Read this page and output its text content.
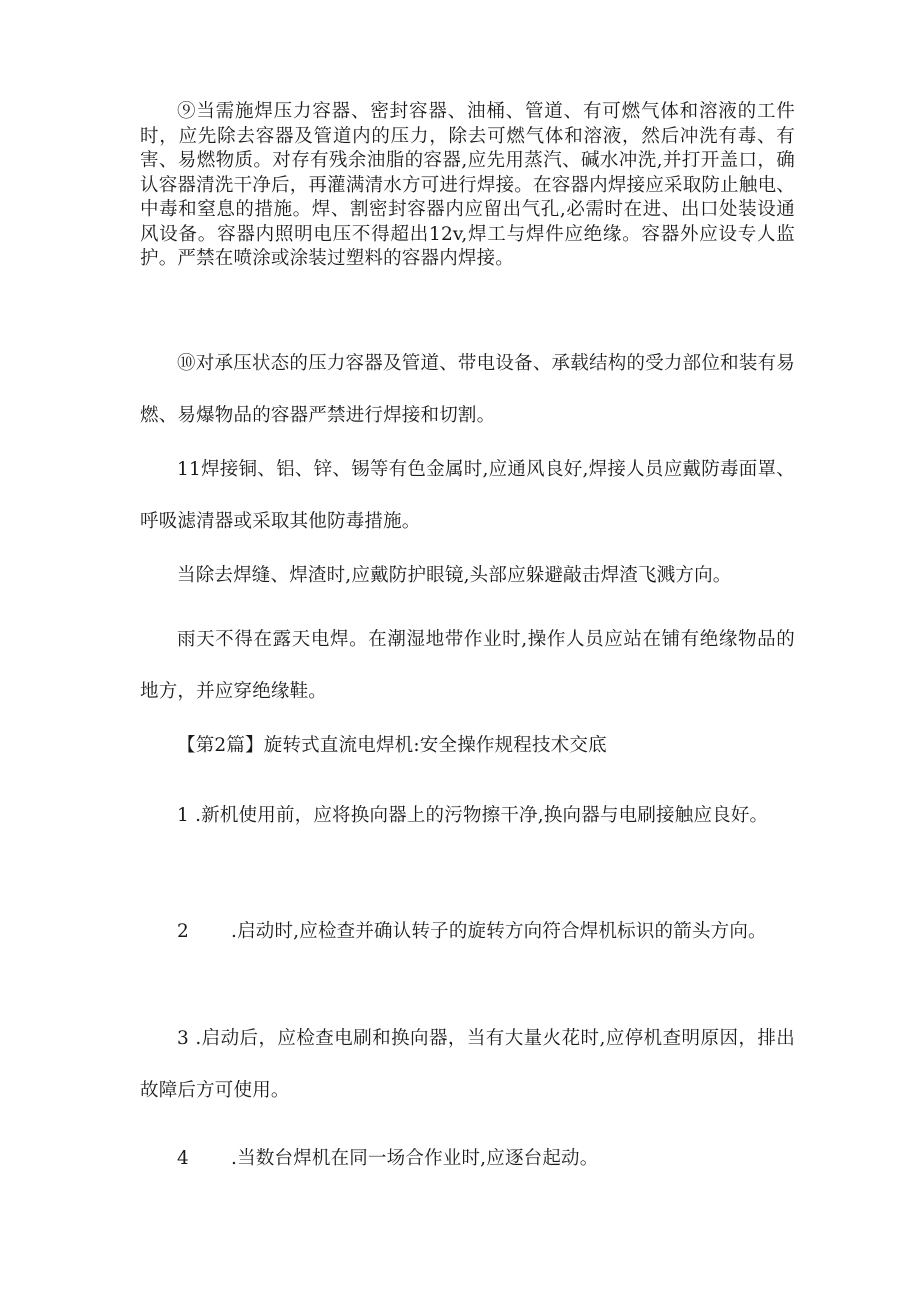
⑨当需施焊压力容器、密封容器、油桶、管道、有可燃气体和溶液的工件时，应先除去容器及管道内的压力，除去可燃气体和溶液，然后冲洗有毒、有害、易燃物质。对存有残余油脂的容器,应先用蒸汽、碱水冲洗,并打开盖口，确认容器清洗干净后，再灌满清水方可进行焊接。在容器内焊接应采取防止触电、中毒和窒息的措施。焊、割密封容器内应留出气孔,必需时在进、出口处装设通风设备。容器内照明电压不得超出12v,焊工与焊件应绝缘。容器外应设专人监护。严禁在喷涂或涂装过塑料的容器内焊接。

⑩对承压状态的压力容器及管道、带电设备、承载结构的受力部位和装有易燃、易爆物品的容器严禁进行焊接和切割。

11焊接铜、铝、锌、锡等有色金属时,应通风良好,焊接人员应戴防毒面罩、呼吸滤清器或采取其他防毒措施。

当除去焊缝、焊渣时,应戴防护眼镜,头部应躲避敲击焊渣飞溅方向。

雨天不得在露天电焊。在潮湿地带作业时,操作人员应站在铺有绝缘物品的地方，并应穿绝缘鞋。

【第2篇】旋转式直流电焊机:安全操作规程技术交底

1 .新机使用前，应将换向器上的污物擦干净,换向器与电刷接触应良好。

2 .启动时,应检查并确认转子的旋转方向符合焊机标识的箭头方向。

3 .启动后，应检查电刷和换向器，当有大量火花时,应停机查明原因，排出故障后方可使用。

4 .当数台焊机在同一场合作业时,应逐台起动。
